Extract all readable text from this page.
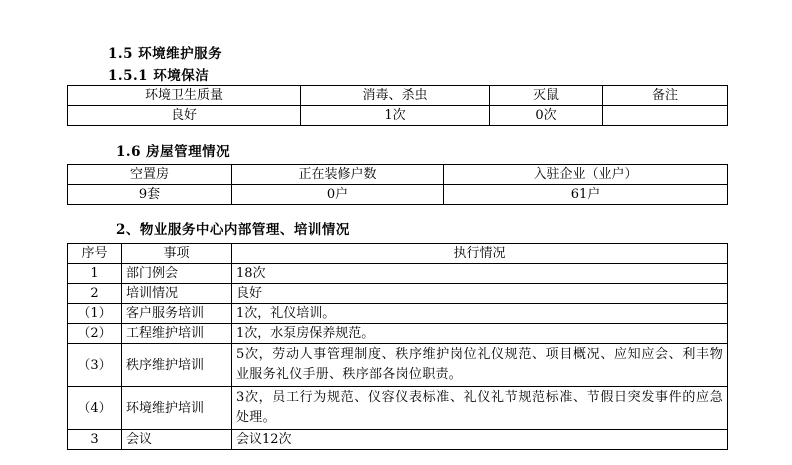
1.5 环境维护服务
1.5.1 环境保洁
环境卫生质量	消毒、杀虫	灭鼠	备注
良好	1次	0次	
1.6 房屋管理情况
空置房	正在装修户数	入驻企业（业户）
9套	0户	61户
2、物业服务中心内部管理、培训情况
序号	事项	执行情况
1	部门例会	18次
2	培训情况	良好
（1）	客户服务培训	1次，礼仪培训。
（2）	工程维护培训	1次，水泵房保养规范。
（3）	秩序维护培训	5次，劳动人事管理制度、秩序维护岗位礼仪规范、项目概况、应知应会、利丰物业服务礼仪手册、秩序部各岗位职责。
（4）	环境维护培训	3次，员工行为规范、仪容仪表标准、礼仪礼节规范标准、节假日突发事件的应急处理。
3	会议	会议12次
